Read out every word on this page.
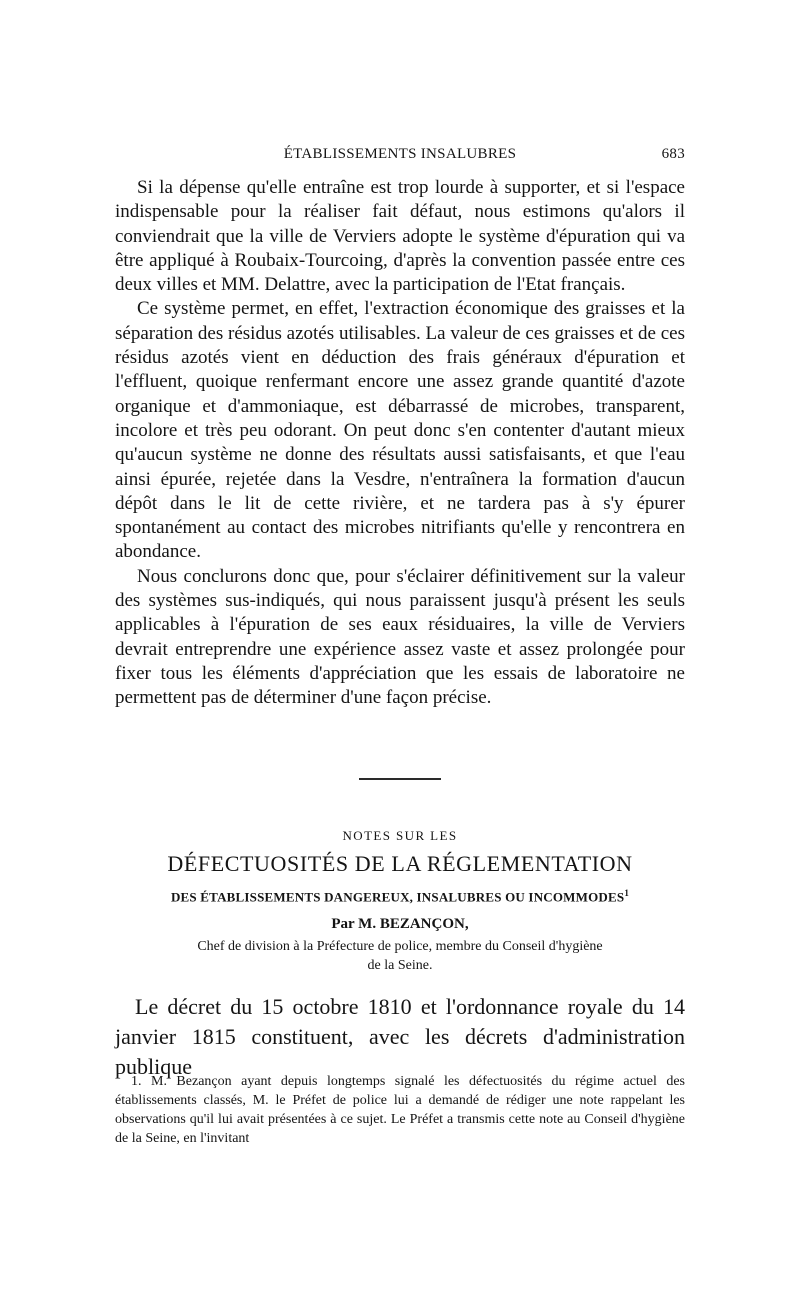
ÉTABLISSEMENTS INSALUBRES	683

Si la dépense qu'elle entraîne est trop lourde à supporter, et si l'espace indispensable pour la réaliser fait défaut, nous estimons qu'alors il conviendrait que la ville de Verviers adopte le système d'épuration qui va être appliqué à Roubaix-Tourcoing, d'après la convention passée entre ces deux villes et MM. Delattre, avec la participation de l'Etat français.

Ce système permet, en effet, l'extraction économique des graisses et la séparation des résidus azotés utilisables. La valeur de ces graisses et de ces résidus azotés vient en déduction des frais généraux d'épuration et l'effluent, quoique renfermant encore une assez grande quantité d'azote organique et d'ammoniaque, est débarrassé de microbes, transparent, incolore et très peu odorant. On peut donc s'en contenter d'autant mieux qu'aucun système ne donne des résultats aussi satisfaisants, et que l'eau ainsi épurée, rejetée dans la Vesdre, n'entraînera la formation d'aucun dépôt dans le lit de cette rivière, et ne tardera pas à s'y épurer spontanément au contact des microbes nitrifiants qu'elle y rencontrera en abondance.

Nous conclurons donc que, pour s'éclairer définitivement sur la valeur des systèmes sus-indiqués, qui nous paraissent jusqu'à présent les seuls applicables à l'épuration de ses eaux résiduaires, la ville de Verviers devrait entreprendre une expérience assez vaste et assez prolongée pour fixer tous les éléments d'appréciation que les essais de laboratoire ne permettent pas de déterminer d'une façon précise.

NOTES SUR LES
DÉFECTUOSITÉS DE LA RÉGLEMENTATION
DES ÉTABLISSEMENTS DANGEREUX, INSALUBRES OU INCOMMODES$^1$
Par M. BEZANÇON,
Chef de division à la Préfecture de police, membre du Conseil d'hygiène
de la Seine.

Le décret du 15 octobre 1810 et l'ordonnance royale du 14 janvier 1815 constituent, avec les décrets d'administration publique

1. M. Bezançon ayant depuis longtemps signalé les défectuosités du régime actuel des établissements classés, M. le Préfet de police lui a demandé de rédiger une note rappelant les observations qu'il lui avait présentées à ce sujet. Le Préfet a transmis cette note au Conseil d'hygiène de la Seine, en l'invitant
